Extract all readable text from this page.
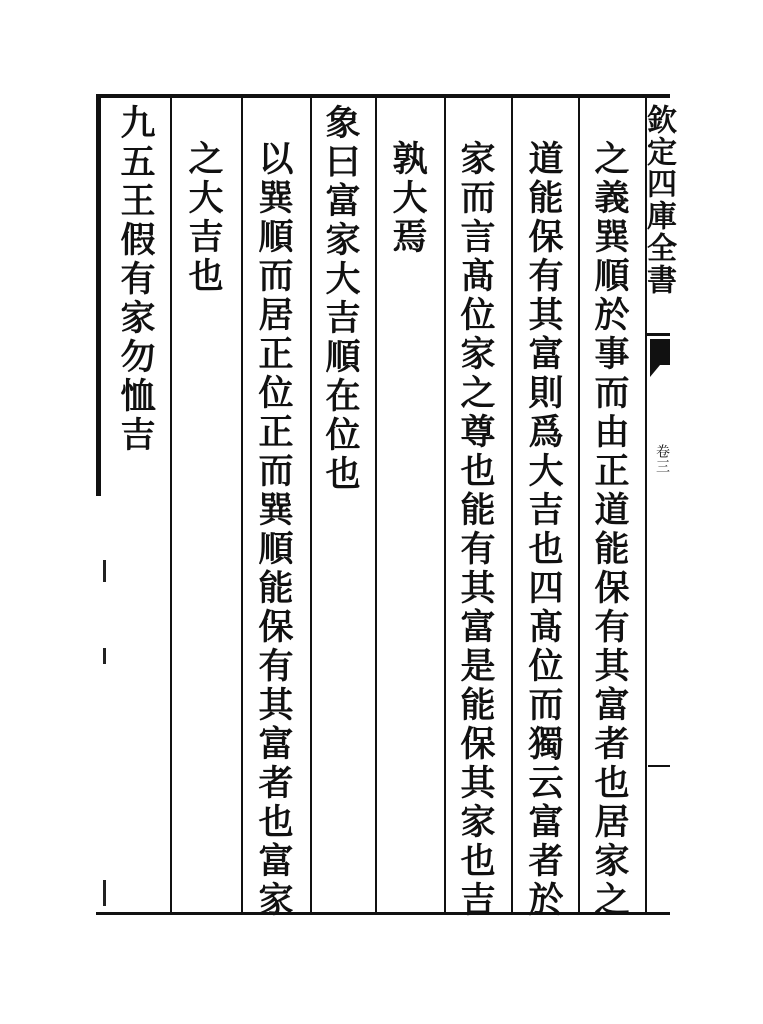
欽定四庫全書
卷三
之義巽順於事而由正道能保有其富者也居家之
道能保有其富則爲大吉也四髙位而獨云富者於
家而言髙位家之尊也能有其富是能保其家也吉
孰大焉
象曰富家大吉順在位也
以巽順而居正位正而巽順能保有其富者也富家
之大吉也
九五王假有家勿恤吉
